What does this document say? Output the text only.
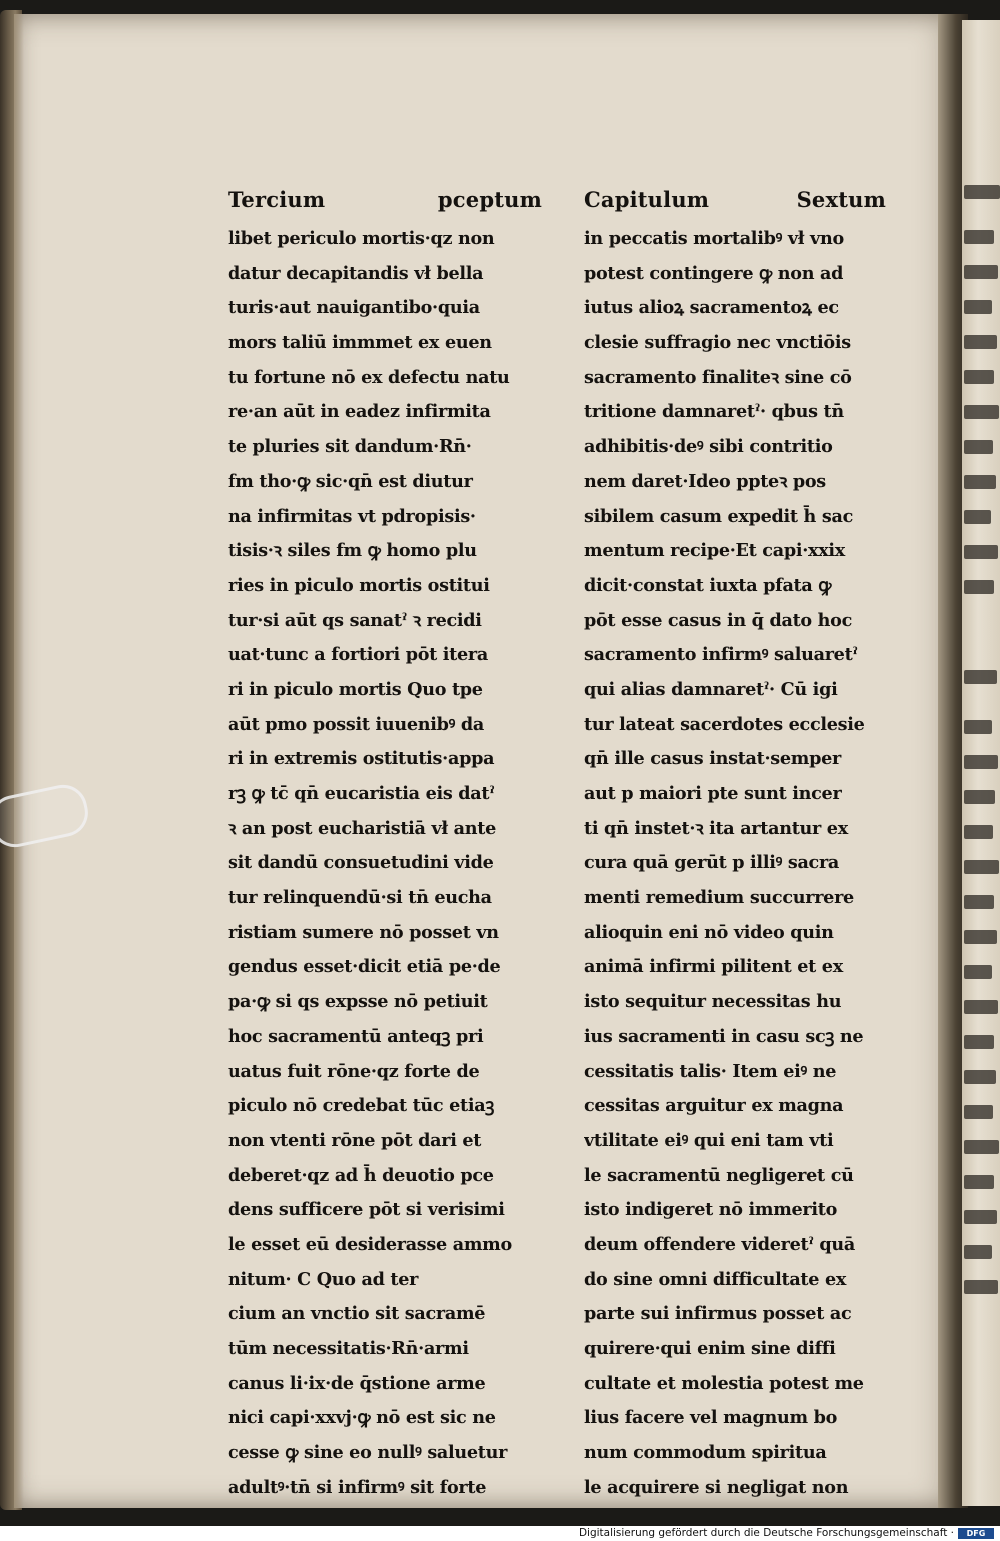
Tercium	pceptum
libet periculo mortis·qz non
datur decapitandis vł bella
turis·aut nauigantibo·quia
mors taliū immmet ex euen
tu fortune nō ex defectu natu
re·an aūt in eadez infirmita
te pluries sit dandum·Rn̄·
fm tho·ꝙ sic·qn̄ est diutur
na infirmitas vt pdropisis·
tisis·ꝛ siles fm ꝙ homo plu
ries in piculo mortis ostitui
tur·si aūt qs sanatˀ ꝛ recidi
uat·tunc a fortiori pōt itera
ri in piculo mortis Quo tpe
aūt pmo possit iuuenibꝰ da
ri in extremis ostitutis·appa
rꝫ ꝙ tc̄ qn̄ eucaristia eis datˀ
ꝛ an post eucharistiā vł ante
sit dandū consuetudini vide
tur relinquendū·si tn̄ eucha
ristiam sumere nō posset vn
gendus esset·dicit etiā pe·de
pa·ꝙ si qs expsse nō petiuit
hoc sacramentū anteqꝫ pri
uatus fuit rōne·qz forte de
piculo nō credebat tūc etiaꝫ
non vtenti rōne pōt dari et
deberet·qz ad h̄ deuotio pce
dens sufficere pōt si verisimi
le esset eū desiderasse ammo
nitum· C Quo ad ter
cium an vnctio sit sacramē
tūm necessitatis·Rn̄·armi
canus li·ix·de q̄stione arme
nici capi·xxvj·ꝙ nō est sic ne
cesse ꝙ sine eo nullꝰ saluetur
adultꝰ·tn̄ si infirmꝰ sit forte
Capitulum	Sextum
in peccatis mortalibꝰ vł vno
potest contingere ꝙ non ad
iutus alioꝝ sacramentoꝝ ec
clesie suffragio nec vnctiōis
sacramento finaliteꝛ sine cō
tritione damnaretˀ· qbus tn̄
adhibitis·deꝰ sibi contritio
nem daret·Ideo ppteꝛ pos
sibilem casum expedit h̄ sac
mentum recipe·Et capi·xxix
dicit·constat iuxta pfata ꝙ
pōt esse casus in q̄ dato hoc
sacramento infirmꝰ saluaretˀ
qui alias damnaretˀ· Cū igi
tur lateat sacerdotes ecclesie
qn̄ ille casus instat·semper
aut p maiori pte sunt incer
ti qn̄ instet·ꝛ ita artantur ex
cura quā gerūt p illiꝰ sacra
menti remedium succurrere
alioquin eni nō video quin
animā infirmi pilitent et ex
isto sequitur necessitas hu
ius sacramenti in casu scꝫ ne
cessitatis talis· Item eiꝰ ne
cessitas arguitur ex magna
vtilitate eiꝰ qui eni tam vti
le sacramentū negligeret cū
isto indigeret nō immerito
deum offendere videretˀ quā
do sine omni difficultate ex
parte sui infirmus posset ac
quirere·qui enim sine diffi
cultate et molestia potest me
lius facere vel magnum bo
num commodum spiritua
le acquirere si negligat non
Digitalisierung gefördert durch die Deutsche Forschungsgemeinschaft ·	DFG
